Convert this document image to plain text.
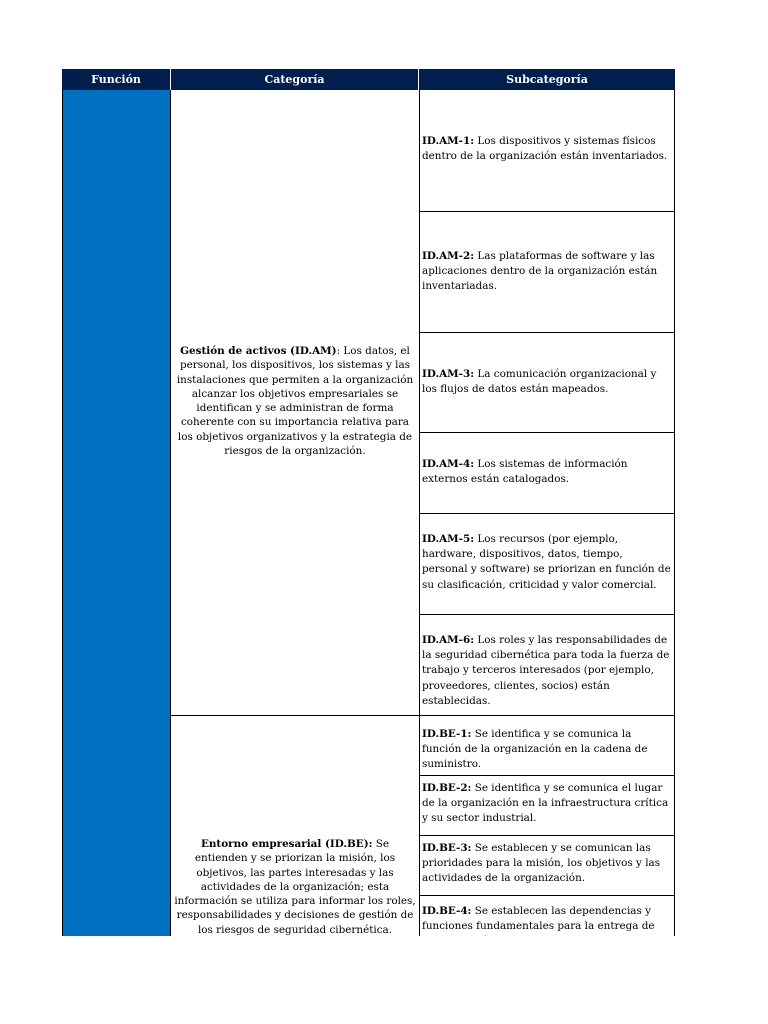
Función	Categoría	Subcategoría
Gestión de activos (ID.AM): Los datos, el personal, los dispositivos, los sistemas y las instalaciones que permiten a la organización alcanzar los objetivos empresariales se identifican y se administran de forma coherente con su importancia relativa para los objetivos organizativos y la estrategia de riesgos de la organización.
Entorno empresarial (ID.BE): Se entienden y se priorizan la misión, los objetivos, las partes interesadas y las actividades de la organización; esta información se utiliza para informar los roles, responsabilidades y decisiones de gestión de los riesgos de seguridad cibernética.
ID.AM-1: Los dispositivos y sistemas físicos dentro de la organización están inventariados.
ID.AM-2: Las plataformas de software y las aplicaciones dentro de la organización están inventariadas.
ID.AM-3: La comunicación organizacional y los flujos de datos están mapeados.
ID.AM-4: Los sistemas de información externos están catalogados.
ID.AM-5: Los recursos (por ejemplo, hardware, dispositivos, datos, tiempo, personal y software) se priorizan en función de su clasificación, criticidad y valor comercial.
ID.AM-6: Los roles y las responsabilidades de la seguridad cibernética para toda la fuerza de trabajo y terceros interesados (por ejemplo, proveedores, clientes, socios) están establecidas.
ID.BE-1: Se identifica y se comunica la función de la organización en la cadena de suministro.
ID.BE-2: Se identifica y se comunica el lugar de la organización en la infraestructura crítica y su sector industrial.
ID.BE-3: Se establecen y se comunican las prioridades para la misión, los objetivos y las actividades de la organización.
ID.BE-4: Se establecen las dependencias y funciones fundamentales para la entrega de
